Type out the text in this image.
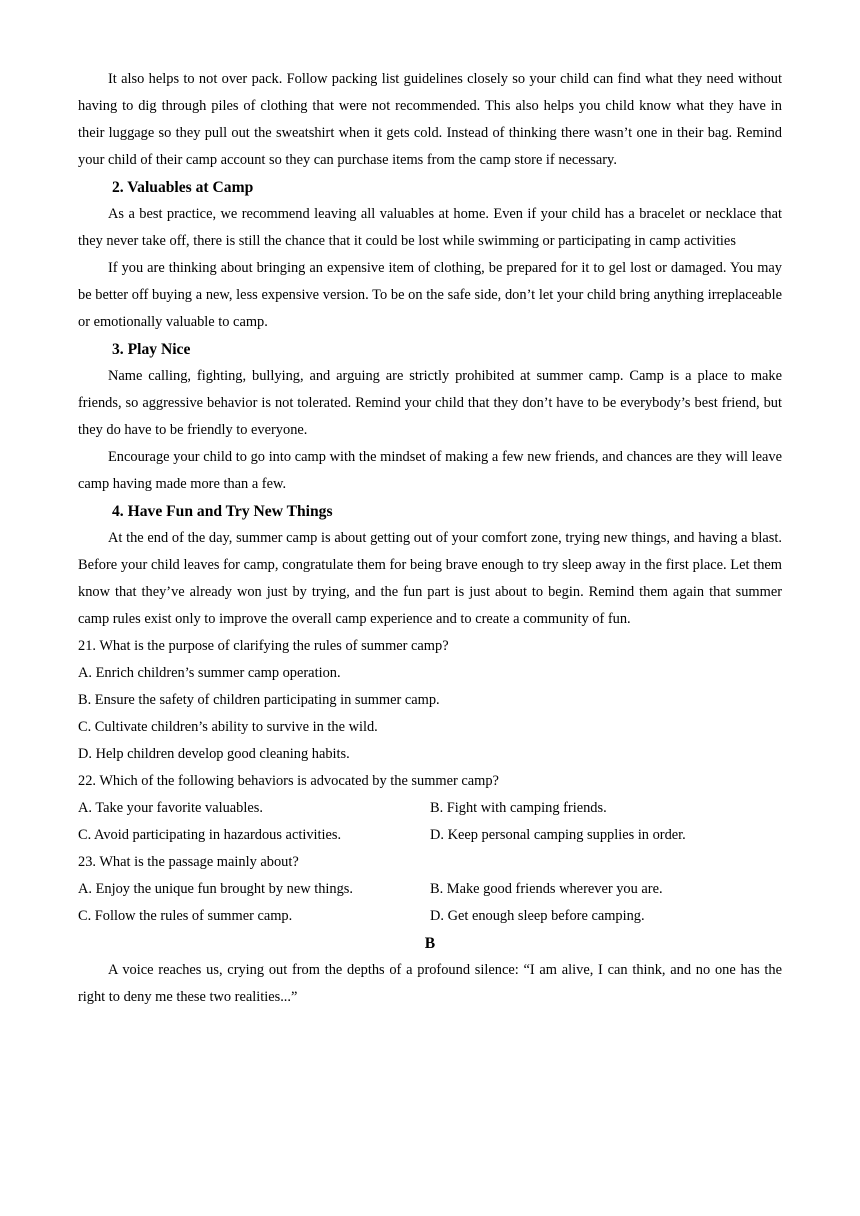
It also helps to not over pack. Follow packing list guidelines closely so your child can find what they need without having to dig through piles of clothing that were not recommended. This also helps you child know what they have in their luggage so they pull out the sweatshirt when it gets cold. Instead of thinking there wasn’t one in their bag. Remind your child of their camp account so they can purchase items from the camp store if necessary.

2. Valuables at Camp

As a best practice, we recommend leaving all valuables at home. Even if your child has a bracelet or necklace that they never take off, there is still the chance that it could be lost while swimming or participating in camp activities

If you are thinking about bringing an expensive item of clothing, be prepared for it to gel lost or damaged. You may be better off buying a new, less expensive version. To be on the safe side, don’t let your child bring anything irreplaceable or emotionally valuable to camp.

3. Play Nice

Name calling, fighting, bullying, and arguing are strictly prohibited at summer camp. Camp is a place to make friends, so aggressive behavior is not tolerated. Remind your child that they don’t have to be everybody’s best friend, but they do have to be friendly to everyone.

Encourage your child to go into camp with the mindset of making a few new friends, and chances are they will leave camp having made more than a few.

4. Have Fun and Try New Things

At the end of the day, summer camp is about getting out of your comfort zone, trying new things, and having a blast. Before your child leaves for camp, congratulate them for being brave enough to try sleep away in the first place. Let them know that they’ve already won just by trying, and the fun part is just about to begin. Remind them again that summer camp rules exist only to improve the overall camp experience and to create a community of fun.

21. What is the purpose of clarifying the rules of summer camp?

A. Enrich children’s summer camp operation.

B. Ensure the safety of children participating in summer camp.

C. Cultivate children’s ability to survive in the wild.

D. Help children develop good cleaning habits.

22. Which of the following behaviors is advocated by the summer camp?

A. Take your favorite valuables.	B. Fight with camping friends.
C. Avoid participating in hazardous activities.	D. Keep personal camping supplies in order.

23. What is the passage mainly about?

A. Enjoy the unique fun brought by new things.	B. Make good friends wherever you are.
C. Follow the rules of summer camp.	D. Get enough sleep before camping.

B

A voice reaches us, crying out from the depths of a profound silence: “I am alive, I can think, and no one has the right to deny me these two realities...”
